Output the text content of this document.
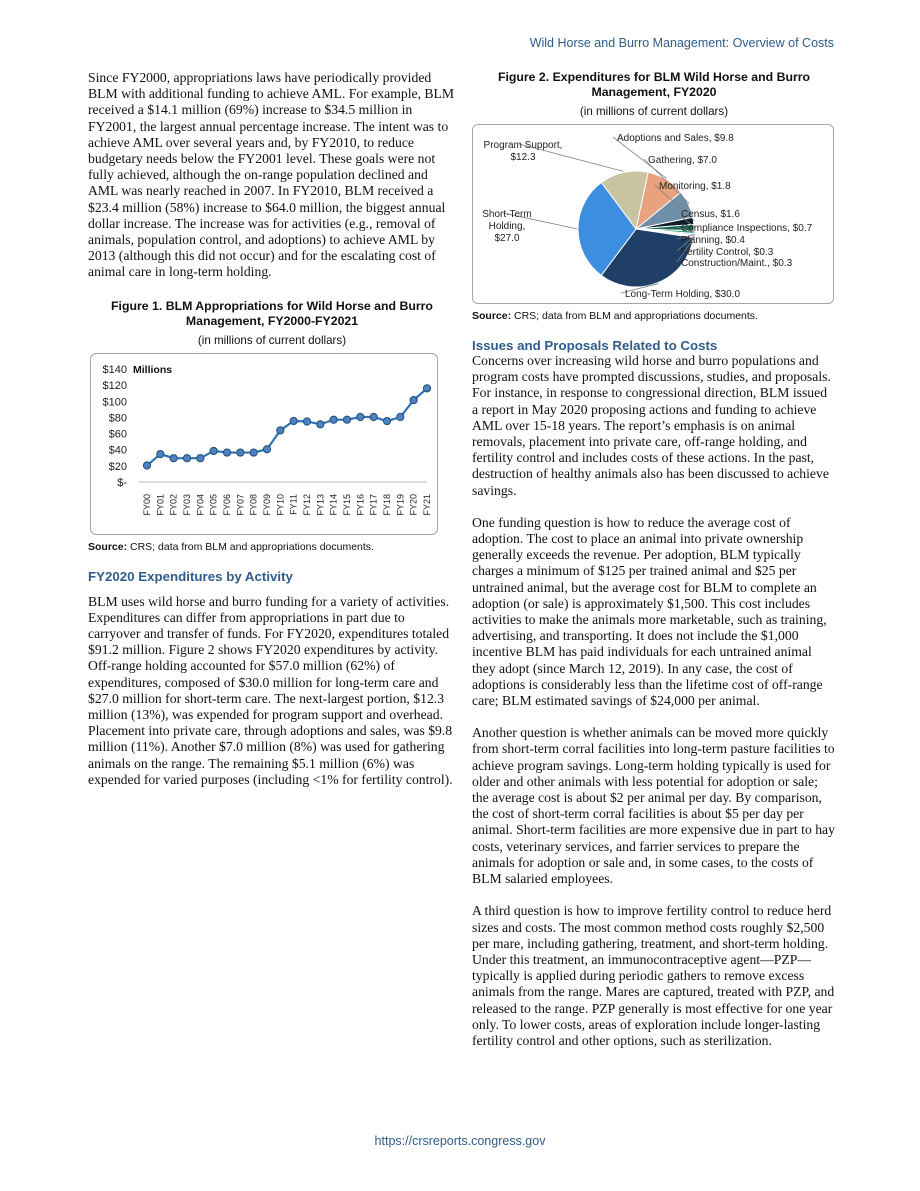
Wild Horse and Burro Management: Overview of Costs

Since FY2000, appropriations laws have periodically provided BLM with additional funding to achieve AML. For example, BLM received a $14.1 million (69%) increase to $34.5 million in FY2001, the largest annual percentage increase. The intent was to achieve AML over several years and, by FY2010, to reduce budgetary needs below the FY2001 level. These goals were not fully achieved, although the on-range population declined and AML was nearly reached in 2007. In FY2010, BLM received a $23.4 million (58%) increase to $64.0 million, the biggest annual dollar increase. The increase was for activities (e.g., removal of animals, population control, and adoptions) to achieve AML by 2013 (although this did not occur) and for the escalating cost of animal care in long-term holding.

Figure 1. BLM Appropriations for Wild Horse and Burro Management, FY2000-FY2021

(in millions of current dollars)

$-
$20
$40
$60
$80
$100
$120
$140 Millions
FY00 FY01 FY02 FY03 FY04 FY05 FY06 FY07 FY08 FY09 FY10 FY11 FY12 FY13 FY14 FY15 FY16 FY17 FY18 FY19 FY20 FY21

Source: CRS; data from BLM and appropriations documents.

FY2020 Expenditures by Activity

BLM uses wild horse and burro funding for a variety of activities. Expenditures can differ from appropriations in part due to carryover and transfer of funds. For FY2020, expenditures totaled $91.2 million. Figure 2 shows FY2020 expenditures by activity. Off-range holding accounted for $57.0 million (62%) of expenditures, composed of $30.0 million for long-term care and $27.0 million for short-term care. The next-largest portion, $12.3 million (13%), was expended for program support and overhead. Placement into private care, through adoptions and sales, was $9.8 million (11%). Another $7.0 million (8%) was used for gathering animals on the range. The remaining $5.1 million (6%) was expended for varied purposes (including <1% for fertility control).

Figure 2. Expenditures for BLM Wild Horse and Burro Management, FY2020

(in millions of current dollars)

Adoptions and Sales, $9.8
Gathering, $7.0
Monitoring, $1.8
Census, $1.6
Compliance Inspections, $0.7
Planning, $0.4
Fertility Control, $0.3
Construction/Maint., $0.3
Long-Term Holding, $30.0
Short-Term Holding, $27.0
Program Support, $12.3

Source: CRS; data from BLM and appropriations documents.

Issues and Proposals Related to Costs

Concerns over increasing wild horse and burro populations and program costs have prompted discussions, studies, and proposals. For instance, in response to congressional direction, BLM issued a report in May 2020 proposing actions and funding to achieve AML over 15-18 years. The report’s emphasis is on animal removals, placement into private care, off-range holding, and fertility control and includes costs of these actions. In the past, destruction of healthy animals also has been discussed to achieve savings.

One funding question is how to reduce the average cost of adoption. The cost to place an animal into private ownership generally exceeds the revenue. Per adoption, BLM typically charges a minimum of $125 per trained animal and $25 per untrained animal, but the average cost for BLM to complete an adoption (or sale) is approximately $1,500. This cost includes activities to make the animals more marketable, such as training, advertising, and transporting. It does not include the $1,000 incentive BLM has paid individuals for each untrained animal they adopt (since March 12, 2019). In any case, the cost of adoptions is considerably less than the lifetime cost of off-range care; BLM estimated savings of $24,000 per animal.

Another question is whether animals can be moved more quickly from short-term corral facilities into long-term pasture facilities to achieve program savings. Long-term holding typically is used for older and other animals with less potential for adoption or sale; the average cost is about $2 per animal per day. By comparison, the cost of short-term corral facilities is about $5 per day per animal. Short-term facilities are more expensive due in part to hay costs, veterinary services, and farrier services to prepare the animals for adoption or sale and, in some cases, to the costs of BLM salaried employees.

A third question is how to improve fertility control to reduce herd sizes and costs. The most common method costs roughly $2,500 per mare, including gathering, treatment, and short-term holding. Under this treatment, an immunocontraceptive agent—PZP—typically is applied during periodic gathers to remove excess animals from the range. Mares are captured, treated with PZP, and released to the range. PZP generally is most effective for one year only. To lower costs, areas of exploration include longer-lasting fertility control and other options, such as sterilization.

https://crsreports.congress.gov
